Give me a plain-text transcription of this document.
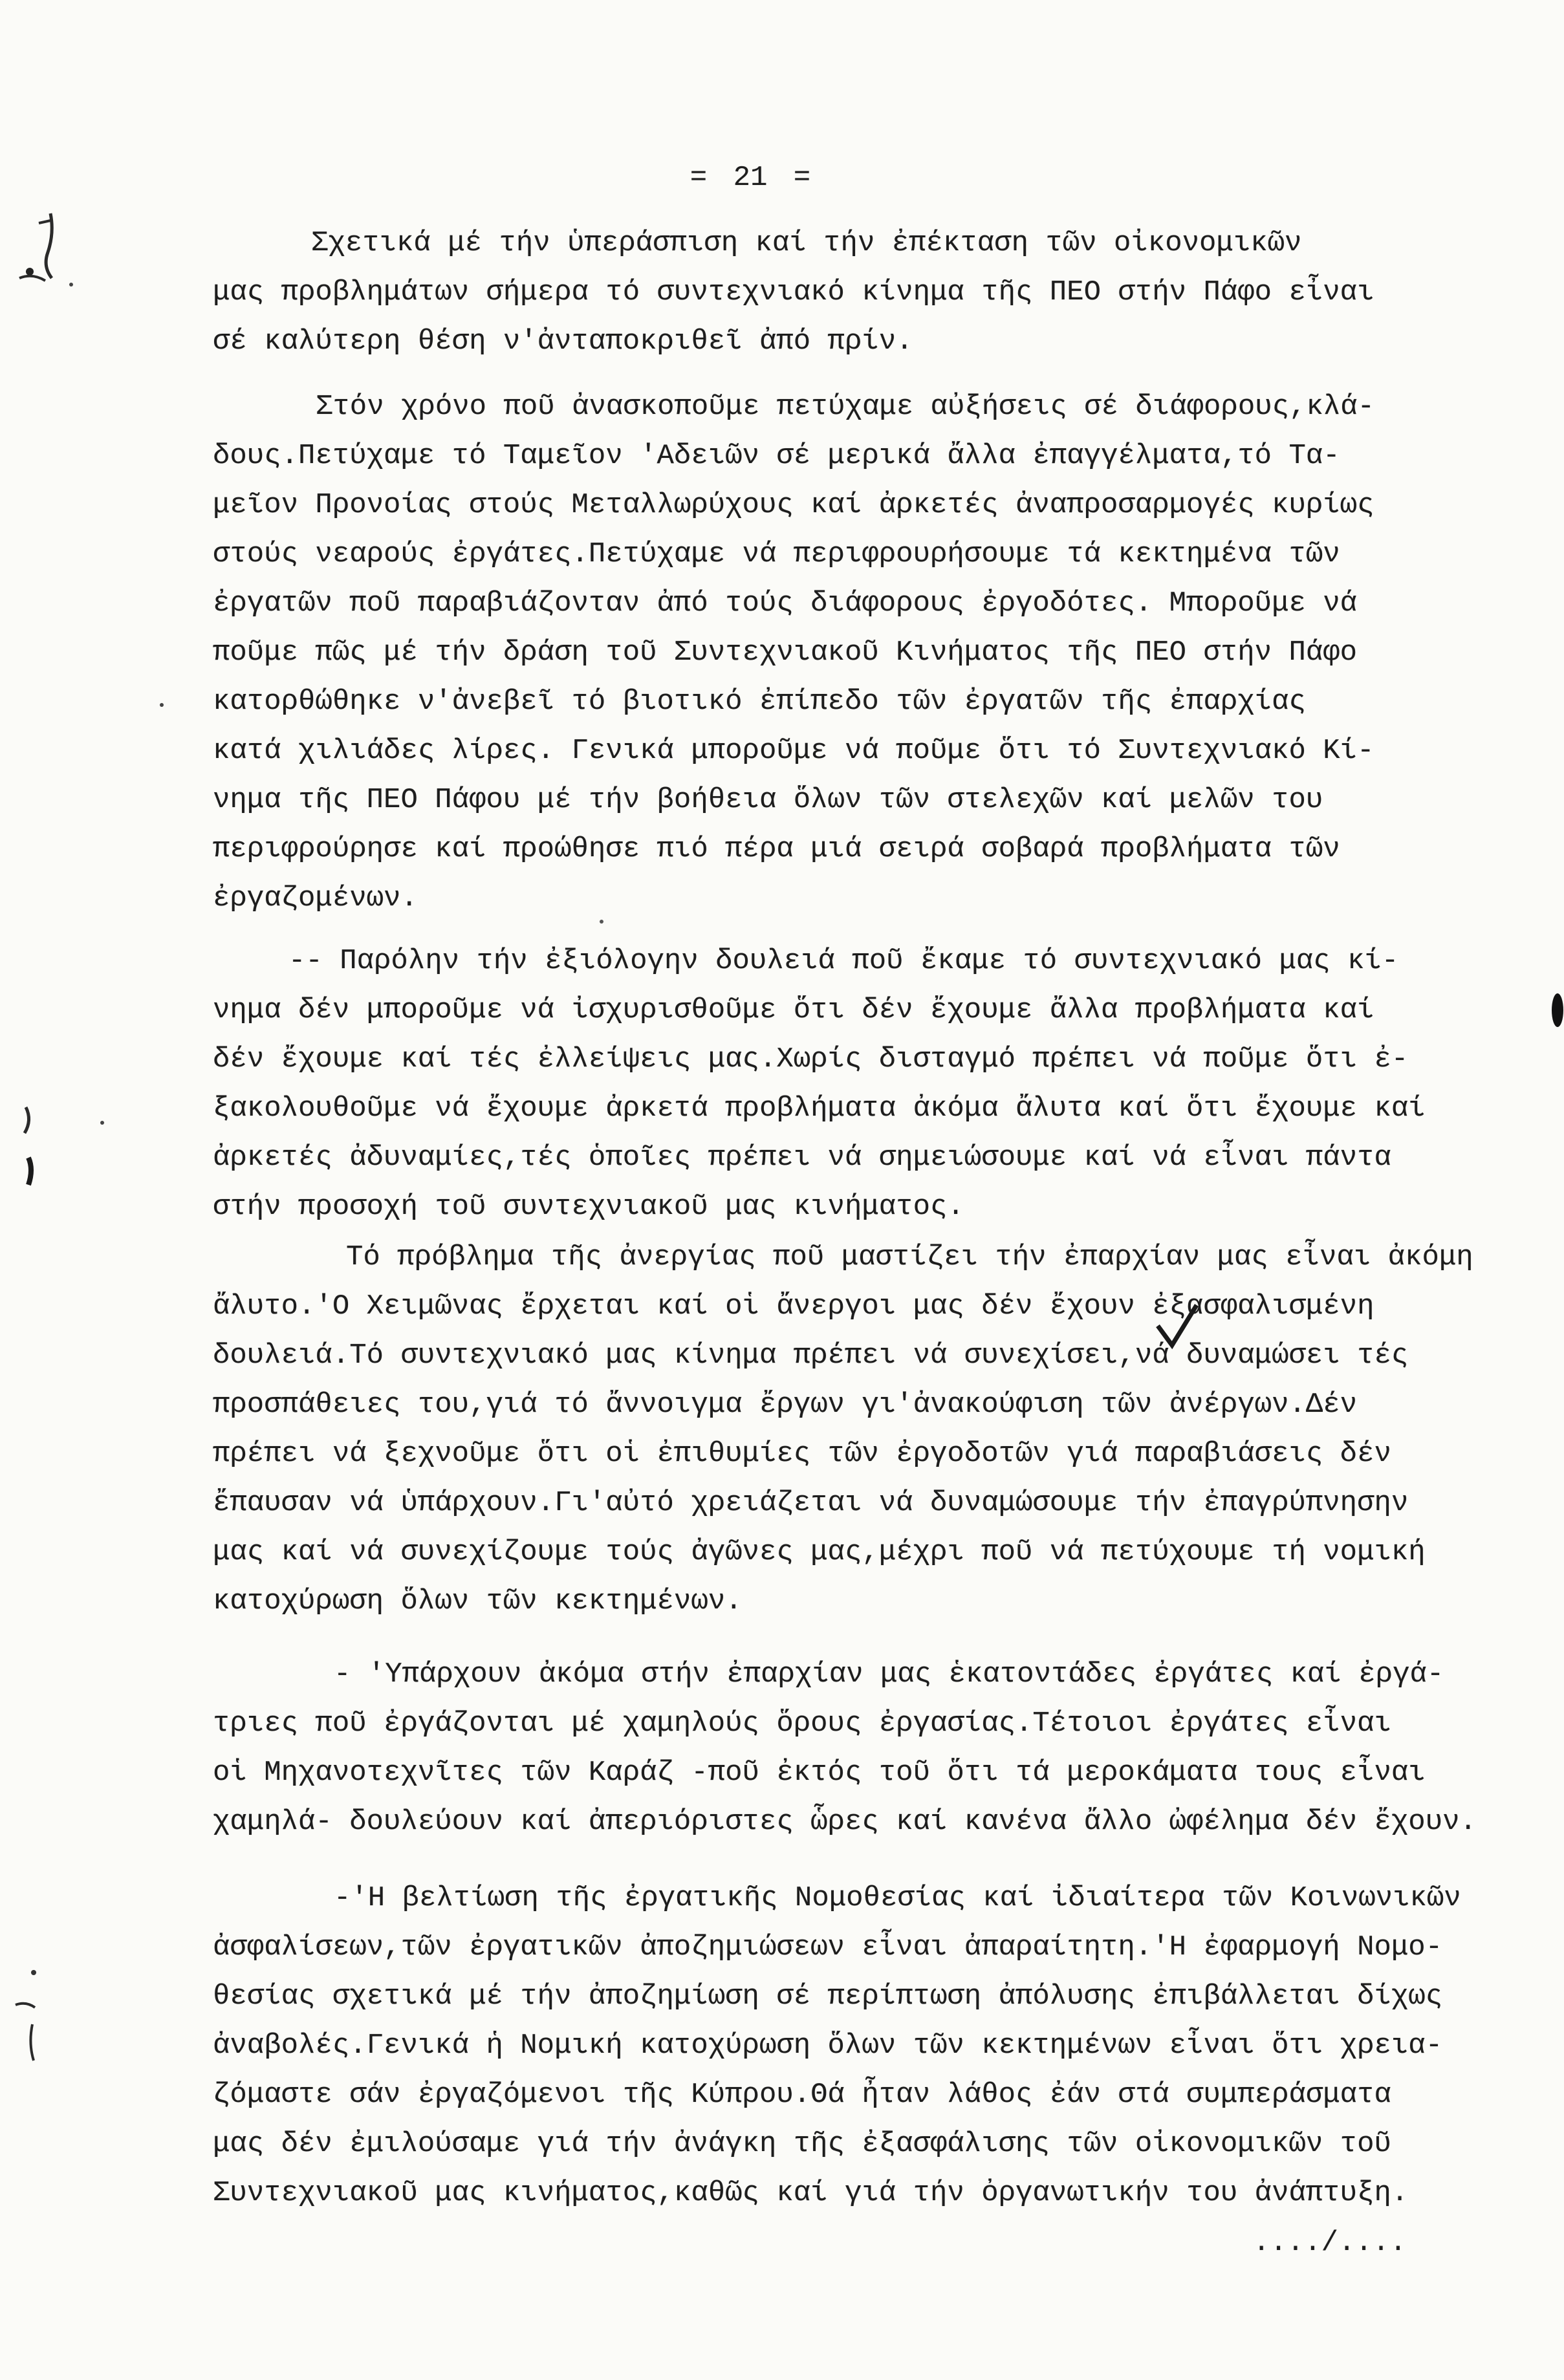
= 21 =
Σχετικά μέ τήν ὑπεράσπιση καί τήν ἐπέκταση τῶν οἰκονομικῶν
μας προβλημάτων σήμερα τό συντεχνιακό κίνημα τῆς ΠΕΟ στήν Πάφο εἶναι
σέ καλύτερη θέση ν'ἀνταποκριθεῖ ἀπό πρίν.
Στόν χρόνο ποῦ ἀνασκοποῦμε πετύχαμε αὐξήσεις σέ διάφορους,κλά-
δους.Πετύχαμε τό Ταμεῖον 'Αδειῶν σέ μερικά ἄλλα ἐπαγγέλματα,τό Τα-
μεῖον Προνοίας στούς Μεταλλωρύχους καί ἀρκετές ἀναπροσαρμογές κυρίως
στούς νεαρούς ἐργάτες.Πετύχαμε νά περιφρουρήσουμε τά κεκτημένα τῶν
ἐργατῶν ποῦ παραβιάζονταν ἀπό τούς διάφορους ἐργοδότες. Μποροῦμε νά
ποῦμε πῶς μέ τήν δράση τοῦ Συντεχνιακοῦ Κινήματος τῆς ΠΕΟ στήν Πάφο
κατορθώθηκε ν'ἀνεβεῖ τό βιοτικό ἐπίπεδο τῶν ἐργατῶν τῆς ἐπαρχίας
κατά χιλιάδες λίρες. Γενικά μποροῦμε νά ποῦμε ὅτι τό Συντεχνιακό Κί-
νημα τῆς ΠΕΟ Πάφου μέ τήν βοήθεια ὅλων τῶν στελεχῶν καί μελῶν του
περιφρούρησε καί προώθησε πιό πέρα μιά σειρά σοβαρά προβλήματα τῶν
ἐργαζομένων.
-- Παρόλην τήν ἐξιόλογην δουλειά ποῦ ἔκαμε τό συντεχνιακό μας κί-
νημα δέν μποροῦμε νά ἰσχυρισθοῦμε ὅτι δέν ἔχουμε ἄλλα προβλήματα καί
δέν ἔχουμε καί τές ἐλλείψεις μας.Χωρίς δισταγμό πρέπει νά ποῦμε ὅτι ἐ-
ξακολουθοῦμε νά ἔχουμε ἀρκετά προβλήματα ἀκόμα ἄλυτα καί ὅτι ἔχουμε καί
ἀρκετές ἀδυναμίες,τές ὁποῖες πρέπει νά σημειώσουμε καί νά εἶναι πάντα
στήν προσοχή τοῦ συντεχνιακοῦ μας κινήματος.
Τό πρόβλημα τῆς ἀνεργίας ποῦ μαστίζει τήν ἐπαρχίαν μας εἶναι ἀκόμη
ἄλυτο.'Ο Χειμῶνας ἔρχεται καί οἱ ἄνεργοι μας δέν ἔχουν ἐξασφαλισμένη
δουλειά.Τό συντεχνιακό μας κίνημα πρέπει νά συνεχίσει,νά δυναμώσει τές
προσπάθειες του,γιά τό ἄννοιγμα ἔργων γι'ἀνακούφιση τῶν ἀνέργων.Δέν
πρέπει νά ξεχνοῦμε ὅτι οἱ ἐπιθυμίες τῶν ἐργοδοτῶν γιά παραβιάσεις δέν
ἔπαυσαν νά ὑπάρχουν.Γι'αὐτό χρειάζεται νά δυναμώσουμε τήν ἐπαγρύπνησην
μας καί νά συνεχίζουμε τούς ἀγῶνες μας,μέχρι ποῦ νά πετύχουμε τή νομική
κατοχύρωση ὅλων τῶν κεκτημένων.
- 'Υπάρχουν ἀκόμα στήν ἐπαρχίαν μας ἑκατοντάδες ἐργάτες καί ἐργά-
τριες ποῦ ἐργάζονται μέ χαμηλούς ὅρους ἐργασίας.Τέτοιοι ἐργάτες εἶναι
οἱ Μηχανοτεχνῖτες τῶν Καράζ -ποῦ ἐκτός τοῦ ὅτι τά μεροκάματα τους εἶναι
χαμηλά- δουλεύουν καί ἀπεριόριστες ὧρες καί κανένα ἄλλο ὠφέλημα δέν ἔχουν.
-'Η βελτίωση τῆς ἐργατικῆς Νομοθεσίας καί ἰδιαίτερα τῶν Κοινωνικῶν
ἀσφαλίσεων,τῶν ἐργατικῶν ἀποζημιώσεων εἶναι ἀπαραίτητη.'Η ἐφαρμογή Νομο-
θεσίας σχετικά μέ τήν ἀποζημίωση σέ περίπτωση ἀπόλυσης ἐπιβάλλεται δίχως
ἀναβολές.Γενικά ἡ Νομική κατοχύρωση ὅλων τῶν κεκτημένων εἶναι ὅτι χρεια-
ζόμαστε σάν ἐργαζόμενοι τῆς Κύπρου.Θά ἦταν λάθος ἐάν στά συμπεράσματα
μας δέν ἐμιλούσαμε γιά τήν ἀνάγκη τῆς ἐξασφάλισης τῶν οἰκονομικῶν τοῦ
Συντεχνιακοῦ μας κινήματος,καθῶς καί γιά τήν ὀργανωτικήν του ἀνάπτυξη.
..../....
